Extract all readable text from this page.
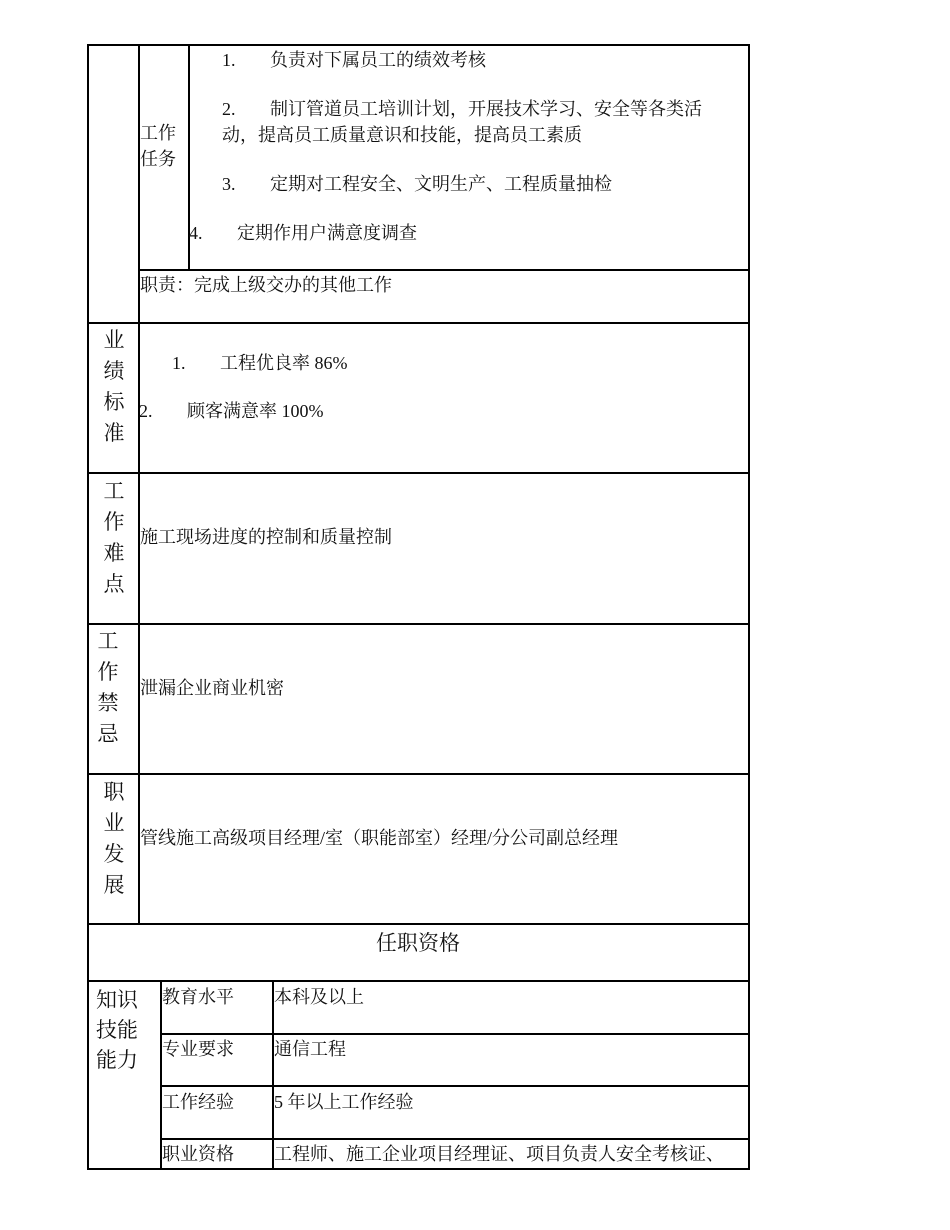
工作任务
1. 负责对下属员工的绩效考核
2. 制订管道员工培训计划，开展技术学习、安全等各类活
动，提高员工质量意识和技能，提高员工素质
3. 定期对工程安全、文明生产、工程质量抽检
4. 定期作用户满意度调查
职责：完成上级交办的其他工作
业绩标准
1. 工程优良率 86%
2. 顾客满意率 100%
工作难点
施工现场进度的控制和质量控制
工作禁忌
泄漏企业商业机密
职业发展
管线施工高级项目经理/室（职能部室）经理/分公司副总经理
任职资格
知识技能能力
教育水平 本科及以上
专业要求 通信工程
工作经验 5 年以上工作经验
职业资格 工程师、施工企业项目经理证、项目负责人安全考核证、
